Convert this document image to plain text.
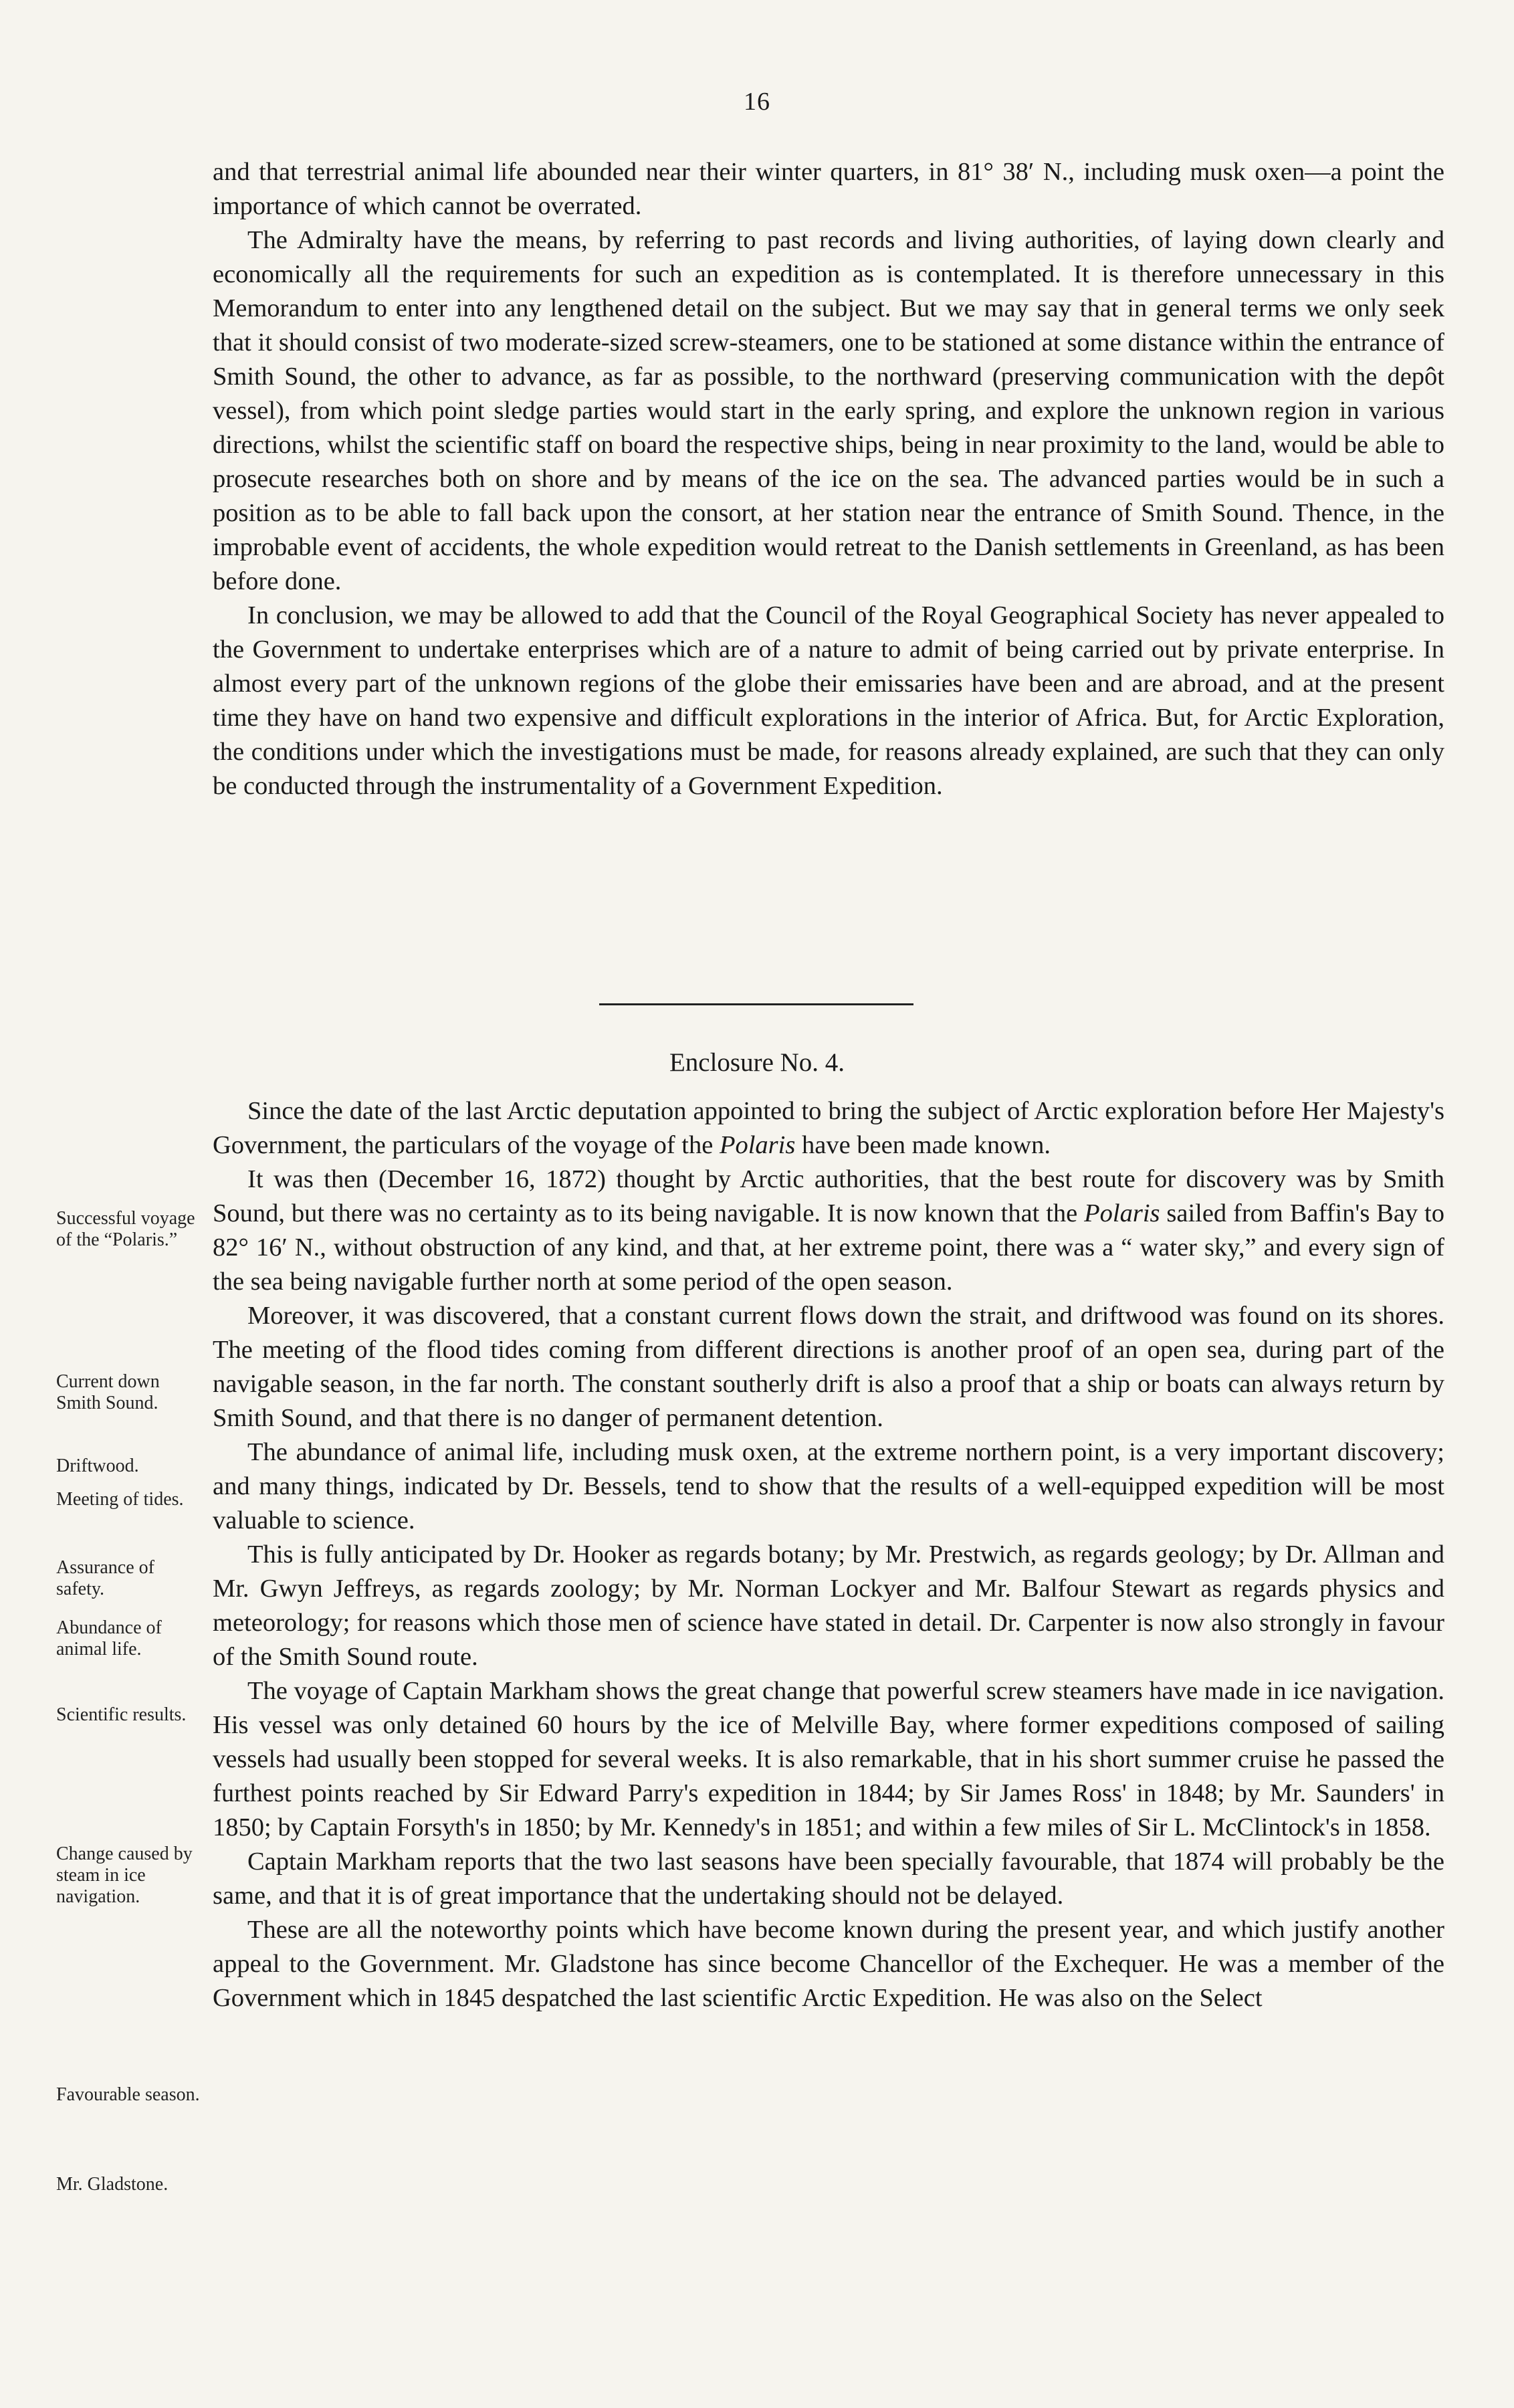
16

and that terrestrial animal life abounded near their winter quarters, in 81° 38′ N., including musk oxen—a point the importance of which cannot be overrated.

The Admiralty have the means, by referring to past records and living authorities, of laying down clearly and economically all the requirements for such an expedition as is contemplated. It is therefore unnecessary in this Memorandum to enter into any lengthened detail on the subject. But we may say that in general terms we only seek that it should consist of two moderate-sized screw-steamers, one to be stationed at some distance within the entrance of Smith Sound, the other to advance, as far as possible, to the northward (preserving communication with the depôt vessel), from which point sledge parties would start in the early spring, and explore the unknown region in various directions, whilst the scientific staff on board the respective ships, being in near proximity to the land, would be able to prosecute researches both on shore and by means of the ice on the sea. The advanced parties would be in such a position as to be able to fall back upon the consort, at her station near the entrance of Smith Sound. Thence, in the improbable event of accidents, the whole expedition would retreat to the Danish settlements in Greenland, as has been before done.

In conclusion, we may be allowed to add that the Council of the Royal Geographical Society has never appealed to the Government to undertake enterprises which are of a nature to admit of being carried out by private enterprise. In almost every part of the unknown regions of the globe their emissaries have been and are abroad, and at the present time they have on hand two expensive and difficult explorations in the interior of Africa. But, for Arctic Exploration, the conditions under which the investigations must be made, for reasons already explained, are such that they can only be conducted through the instrumentality of a Government Expedition.

Enclosure No. 4.

Since the date of the last Arctic deputation appointed to bring the subject of Arctic exploration before Her Majesty's Government, the particulars of the voyage of the Polaris have been made known.

It was then (December 16, 1872) thought by Arctic authorities, that the best route for discovery was by Smith Sound, but there was no certainty as to its being navigable. It is now known that the Polaris sailed from Baffin's Bay to 82° 16′ N., without obstruction of any kind, and that, at her extreme point, there was a “ water sky,” and every sign of the sea being navigable further north at some period of the open season.

Moreover, it was discovered, that a constant current flows down the strait, and driftwood was found on its shores. The meeting of the flood tides coming from different directions is another proof of an open sea, during part of the navigable season, in the far north. The constant southerly drift is also a proof that a ship or boats can always return by Smith Sound, and that there is no danger of permanent detention.

The abundance of animal life, including musk oxen, at the extreme northern point, is a very important discovery; and many things, indicated by Dr. Bessels, tend to show that the results of a well-equipped expedition will be most valuable to science.

This is fully anticipated by Dr. Hooker as regards botany; by Mr. Prestwich, as regards geology; by Dr. Allman and Mr. Gwyn Jeffreys, as regards zoology; by Mr. Norman Lockyer and Mr. Balfour Stewart as regards physics and meteorology; for reasons which those men of science have stated in detail. Dr. Carpenter is now also strongly in favour of the Smith Sound route.

The voyage of Captain Markham shows the great change that powerful screw steamers have made in ice navigation. His vessel was only detained 60 hours by the ice of Melville Bay, where former expeditions composed of sailing vessels had usually been stopped for several weeks. It is also remarkable, that in his short summer cruise he passed the furthest points reached by Sir Edward Parry's expedition in 1844; by Sir James Ross' in 1848; by Mr. Saunders' in 1850; by Captain Forsyth's in 1850; by Mr. Kennedy's in 1851; and within a few miles of Sir L. McClintock's in 1858.

Captain Markham reports that the two last seasons have been specially favourable, that 1874 will probably be the same, and that it is of great importance that the undertaking should not be delayed.

These are all the noteworthy points which have become known during the present year, and which justify another appeal to the Government. Mr. Gladstone has since become Chancellor of the Exchequer. He was a member of the Government which in 1845 despatched the last scientific Arctic Expedition. He was also on the Select

Successful voyage of the “Polaris.”
Current down Smith Sound.
Driftwood.
Meeting of tides.
Assurance of safety.
Abundance of animal life.
Scientific results.
Change caused by steam in ice navigation.
Favourable season.
Mr. Gladstone.
